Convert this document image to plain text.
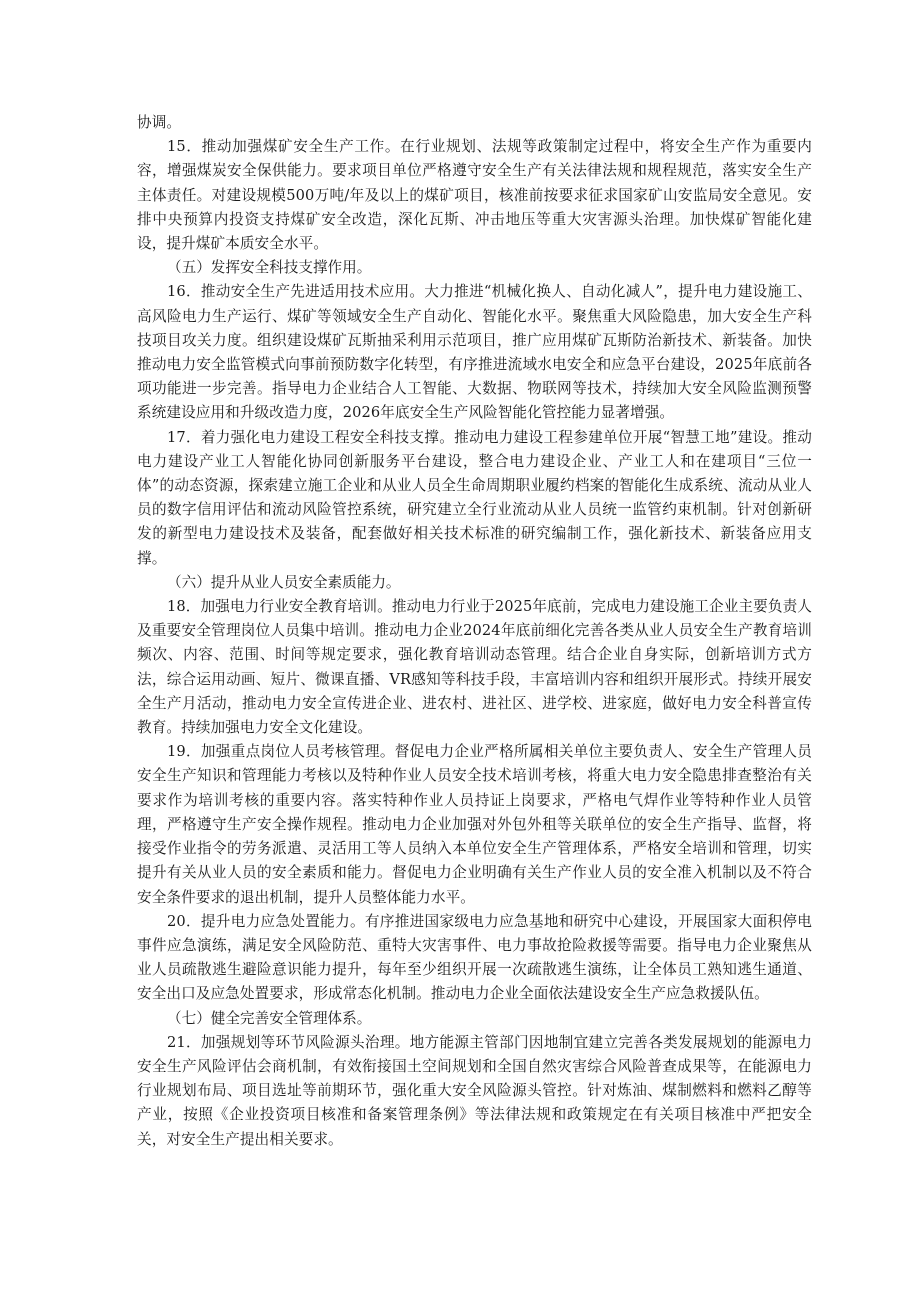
协调。

15．推动加强煤矿安全生产工作。在行业规划、法规等政策制定过程中，将安全生产作为重要内容，增强煤炭安全保供能力。要求项目单位严格遵守安全生产有关法律法规和规程规范，落实安全生产主体责任。对建设规模500万吨/年及以上的煤矿项目，核准前按要求征求国家矿山安监局安全意见。安排中央预算内投资支持煤矿安全改造，深化瓦斯、冲击地压等重大灾害源头治理。加快煤矿智能化建设，提升煤矿本质安全水平。

（五）发挥安全科技支撑作用。

16．推动安全生产先进适用技术应用。大力推进“机械化换人、自动化减人”，提升电力建设施工、高风险电力生产运行、煤矿等领域安全生产自动化、智能化水平。聚焦重大风险隐患，加大安全生产科技项目攻关力度。组织建设煤矿瓦斯抽采利用示范项目，推广应用煤矿瓦斯防治新技术、新装备。加快推动电力安全监管模式向事前预防数字化转型，有序推进流域水电安全和应急平台建设，2025年底前各项功能进一步完善。指导电力企业结合人工智能、大数据、物联网等技术，持续加大安全风险监测预警系统建设应用和升级改造力度，2026年底安全生产风险智能化管控能力显著增强。

17．着力强化电力建设工程安全科技支撑。推动电力建设工程参建单位开展“智慧工地”建设。推动电力建设产业工人智能化协同创新服务平台建设，整合电力建设企业、产业工人和在建项目“三位一体”的动态资源，探索建立施工企业和从业人员全生命周期职业履约档案的智能化生成系统、流动从业人员的数字信用评估和流动风险管控系统，研究建立全行业流动从业人员统一监管约束机制。针对创新研发的新型电力建设技术及装备，配套做好相关技术标准的研究编制工作，强化新技术、新装备应用支撑。

（六）提升从业人员安全素质能力。

18．加强电力行业安全教育培训。推动电力行业于2025年底前，完成电力建设施工企业主要负责人及重要安全管理岗位人员集中培训。推动电力企业2024年底前细化完善各类从业人员安全生产教育培训频次、内容、范围、时间等规定要求，强化教育培训动态管理。结合企业自身实际，创新培训方式方法，综合运用动画、短片、微课直播、VR感知等科技手段，丰富培训内容和组织开展形式。持续开展安全生产月活动，推动电力安全宣传进企业、进农村、进社区、进学校、进家庭，做好电力安全科普宣传教育。持续加强电力安全文化建设。

19．加强重点岗位人员考核管理。督促电力企业严格所属相关单位主要负责人、安全生产管理人员安全生产知识和管理能力考核以及特种作业人员安全技术培训考核，将重大电力安全隐患排查整治有关要求作为培训考核的重要内容。落实特种作业人员持证上岗要求，严格电气焊作业等特种作业人员管理，严格遵守生产安全操作规程。推动电力企业加强对外包外租等关联单位的安全生产指导、监督，将接受作业指令的劳务派遣、灵活用工等人员纳入本单位安全生产管理体系，严格安全培训和管理，切实提升有关从业人员的安全素质和能力。督促电力企业明确有关生产作业人员的安全准入机制以及不符合安全条件要求的退出机制，提升人员整体能力水平。

20．提升电力应急处置能力。有序推进国家级电力应急基地和研究中心建设，开展国家大面积停电事件应急演练，满足安全风险防范、重特大灾害事件、电力事故抢险救援等需要。指导电力企业聚焦从业人员疏散逃生避险意识能力提升，每年至少组织开展一次疏散逃生演练，让全体员工熟知逃生通道、安全出口及应急处置要求，形成常态化机制。推动电力企业全面依法建设安全生产应急救援队伍。

（七）健全完善安全管理体系。

21．加强规划等环节风险源头治理。地方能源主管部门因地制宜建立完善各类发展规划的能源电力安全生产风险评估会商机制，有效衔接国土空间规划和全国自然灾害综合风险普查成果等，在能源电力行业规划布局、项目选址等前期环节，强化重大安全风险源头管控。针对炼油、煤制燃料和燃料乙醇等产业，按照《企业投资项目核准和备案管理条例》等法律法规和政策规定在有关项目核准中严把安全关，对安全生产提出相关要求。
